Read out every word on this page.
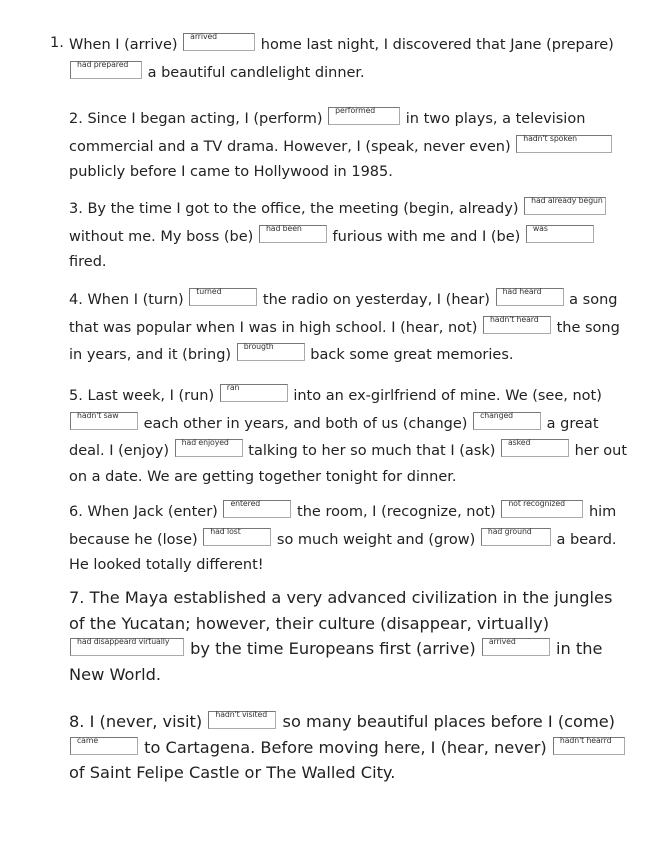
1. When I (arrive)
arrived
home last night, I discovered that Jane (prepare)
had prepared
a beautiful candlelight dinner.
2. Since I began acting, I (perform)
performed
in two plays, a television commercial and a TV drama. However, I (speak, never even)
hadn't spoken
publicly before I came to Hollywood in 1985.
3. By the time I got to the office, the meeting (begin, already)
had already begun
without me. My boss (be)
had been
furious with me and I (be)
was
fired.
4. When I (turn)
turned
the radio on yesterday, I (hear)
had heard
a song that was popular when I was in high school. I (hear, not)
hadn't heard
the song in years, and it (bring)
brougth
back some great memories.
5. Last week, I (run)
ran
into an ex-girlfriend of mine. We (see, not)
hadn't saw
each other in years, and both of us (change)
changed
a great deal. I (enjoy)
had enjoyed
talking to her so much that I (ask)
asked
her out on a date. We are getting together tonight for dinner.
6. When Jack (enter)
entered
the room, I (recognize, not)
not recognized
him because he (lose)
had lost
so much weight and (grow)
had ground
a beard. He looked totally different!
7. The Maya established a very advanced civilization in the jungles of the Yucatan; however, their culture (disappear, virtually)
had disappeard virtually by the time Europeans first (arrive) arrived in the New World.
8. I (never, visit) hadn't visited so many beautiful places before I (come)
came	to Cartagena. Before moving here, I (hear, never) hadn't hearrd
of Saint Felipe Castle or The Walled City.
